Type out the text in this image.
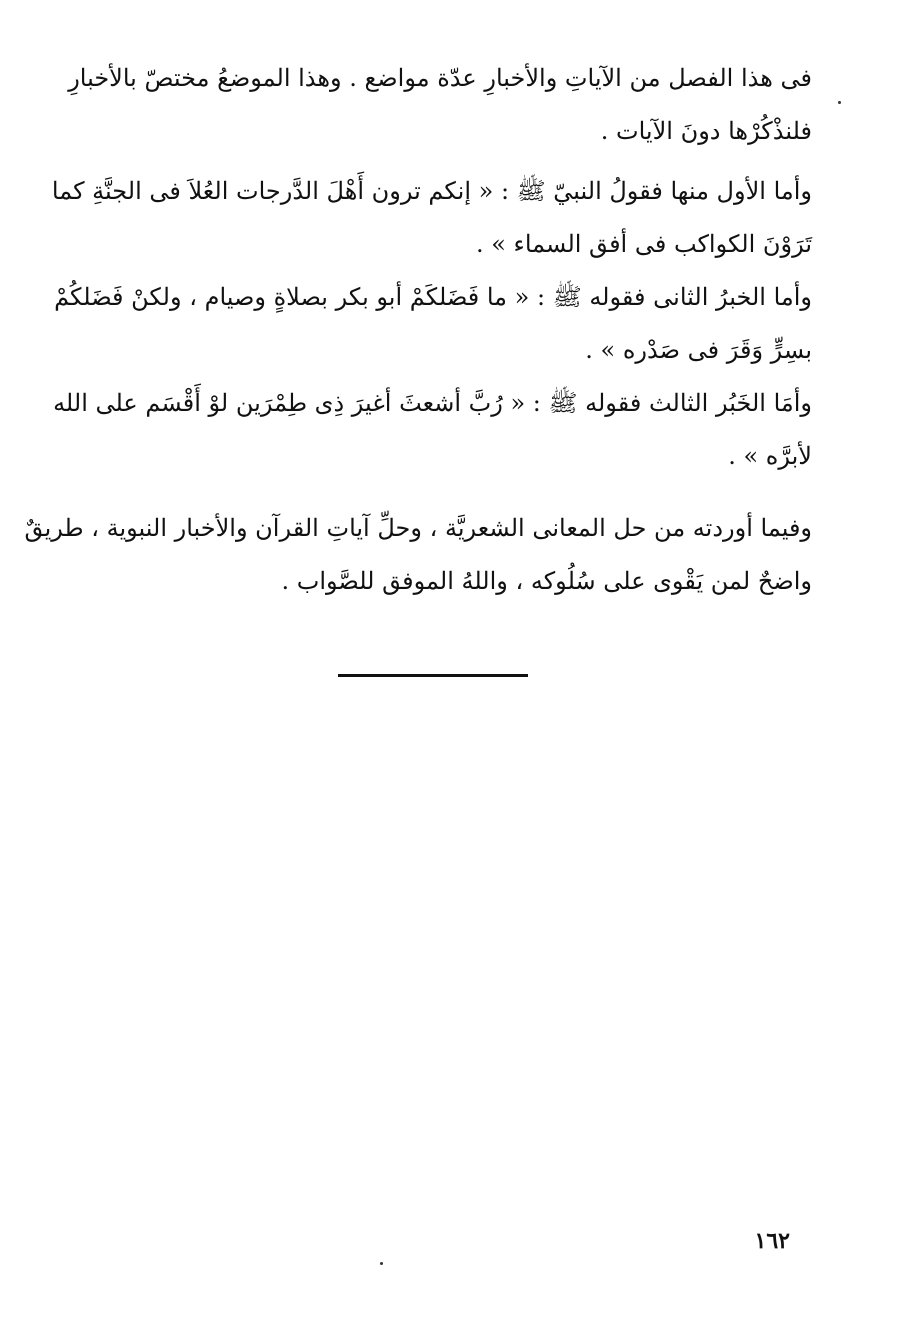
فى هذا الفصل من الآياتِ والأخبارِ عدّة مواضع . وهذا الموضعُ مختصّ بالأخبارِ
فلنذْكُرْها دونَ الآيات .

وأما الأول منها فقولُ النبيّ ﷺ : « إنكم ترون أَهْلَ الدَّرجات العُلاَ فى الجنَّةِ كما
تَرَوْنَ الكواكب فى أفق السماء » .

وأما الخبرُ الثانى فقوله ﷺ : « ما فَضَلكَمْ أبو بكر بصلاةٍ وصيام ، ولكنْ فَضَلكُمْ
بسِرٍّ وَقَرَ فى صَدْره » .

وأمَا الخَبُر الثالث فقوله ﷺ : « رُبَّ أشعثَ أغيرَ ذِى طِمْرَين لوْ أَقْسَم على الله
لأبرَّه » .

وفيما أوردته من حل المعانى الشعريَّة ، وحلِّ آياتِ القرآن والأخبار النبوية ، طريقٌ
واضحٌ لمن يَقْوى على سُلُوكه ، واللهُ الموفق للصَّواب .

١٦٢
